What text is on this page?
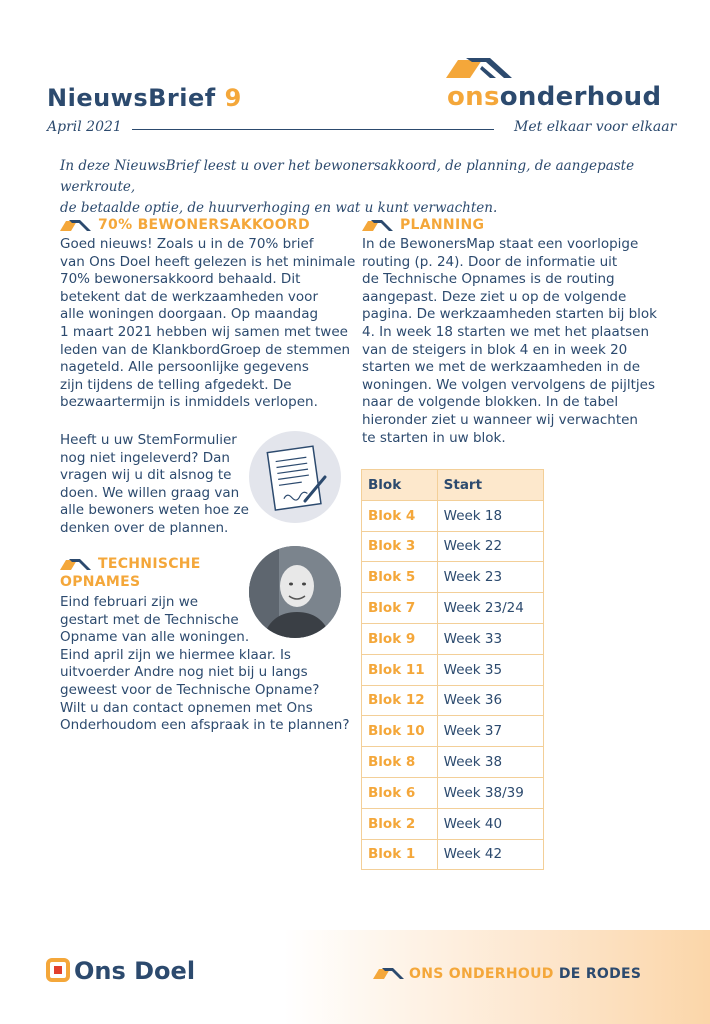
NieuwsBrief 9
April 2021
onsonderhoud
Met elkaar voor elkaar
In deze NieuwsBrief leest u over het bewonersakkoord, de planning, de aangepaste werkroute,
de betaalde optie, de huurverhoging en wat u kunt verwachten.
70% BEWONERSAKKOORD
Goed nieuws! Zoals u in de 70% brief
van Ons Doel heeft gelezen is het minimale
70% bewonersakkoord behaald. Dit
betekent dat de werkzaamheden voor
alle woningen doorgaan. Op maandag
1 maart 2021 hebben wij samen met twee
leden van de KlankbordGroep de stemmen
nageteld. Alle persoonlijke gegevens
zijn tijdens de telling afgedekt. De
bezwaartermijn is inmiddels verlopen.
Heeft u uw StemFormulier
nog niet ingeleverd? Dan
vragen wij u dit alsnog te
doen. We willen graag van
alle bewoners weten hoe ze
denken over de plannen.
TECHNISCHE
OPNAMES
Eind februari zijn we
gestart met de Technische
Opname van alle woningen.
Eind april zijn we hiermee klaar. Is
uitvoerder Andre nog niet bij u langs
geweest voor de Technische Opname?
Wilt u dan contact opnemen met Ons
Onderhoudom een afspraak in te plannen?
PLANNING
In de BewonersMap staat een voorlopige
routing (p. 24). Door de informatie uit
de Technische Opnames is de routing
aangepast. Deze ziet u op de volgende
pagina. De werkzaamheden starten bij blok
4. In week 18 starten we met het plaatsen
van de steigers in blok 4 en in week 20
starten we met de werkzaamheden in de
woningen. We volgen vervolgens de pijltjes
naar de volgende blokken. In de tabel
hieronder ziet u wanneer wij verwachten
te starten in uw blok.
Blok	Start
Blok 4	Week 18
Blok 3	Week 22
Blok 5	Week 23
Blok 7	Week 23/24
Blok 9	Week 33
Blok 11	Week 35
Blok 12	Week 36
Blok 10	Week 37
Blok 8	Week 38
Blok 6	Week 38/39
Blok 2	Week 40
Blok 1	Week 42
Ons Doel	ONS ONDERHOUD DE RODES
